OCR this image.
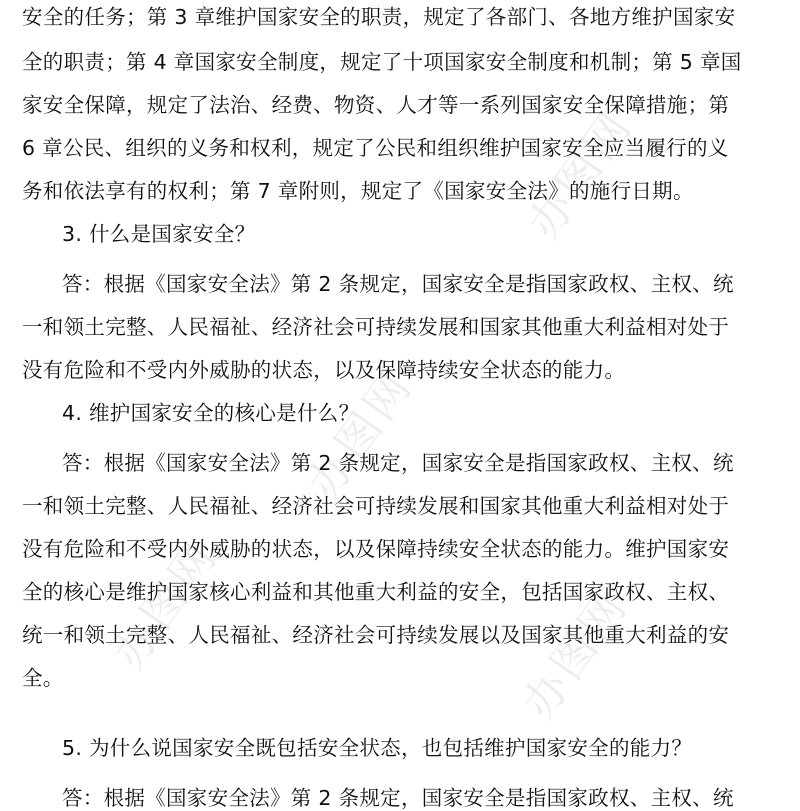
办图网
办图网
办图网	办图网
安全的任务；第 3 章维护国家安全的职责，规定了各部门、各地方维护国家安
全的职责；第 4 章国家安全制度，规定了十项国家安全制度和机制；第 5 章国
家安全保障，规定了法治、经费、物资、人才等一系列国家安全保障措施；第
6 章公民、组织的义务和权利，规定了公民和组织维护国家安全应当履行的义
务和依法享有的权利；第 7 章附则，规定了《国家安全法》的施行日期。
3. 什么是国家安全？
答：根据《国家安全法》第 2 条规定，国家安全是指国家政权、主权、统
一和领土完整、人民福祉、经济社会可持续发展和国家其他重大利益相对处于
没有危险和不受内外威胁的状态，以及保障持续安全状态的能力。
4. 维护国家安全的核心是什么？
答：根据《国家安全法》第 2 条规定，国家安全是指国家政权、主权、统
一和领土完整、人民福祉、经济社会可持续发展和国家其他重大利益相对处于
没有危险和不受内外威胁的状态，以及保障持续安全状态的能力。维护国家安
全的核心是维护国家核心利益和其他重大利益的安全，包括国家政权、主权、
统一和领土完整、人民福祉、经济社会可持续发展以及国家其他重大利益的安
全。
5. 为什么说国家安全既包括安全状态，也包括维护国家安全的能力？
答：根据《国家安全法》第 2 条规定，国家安全是指国家政权、主权、统
